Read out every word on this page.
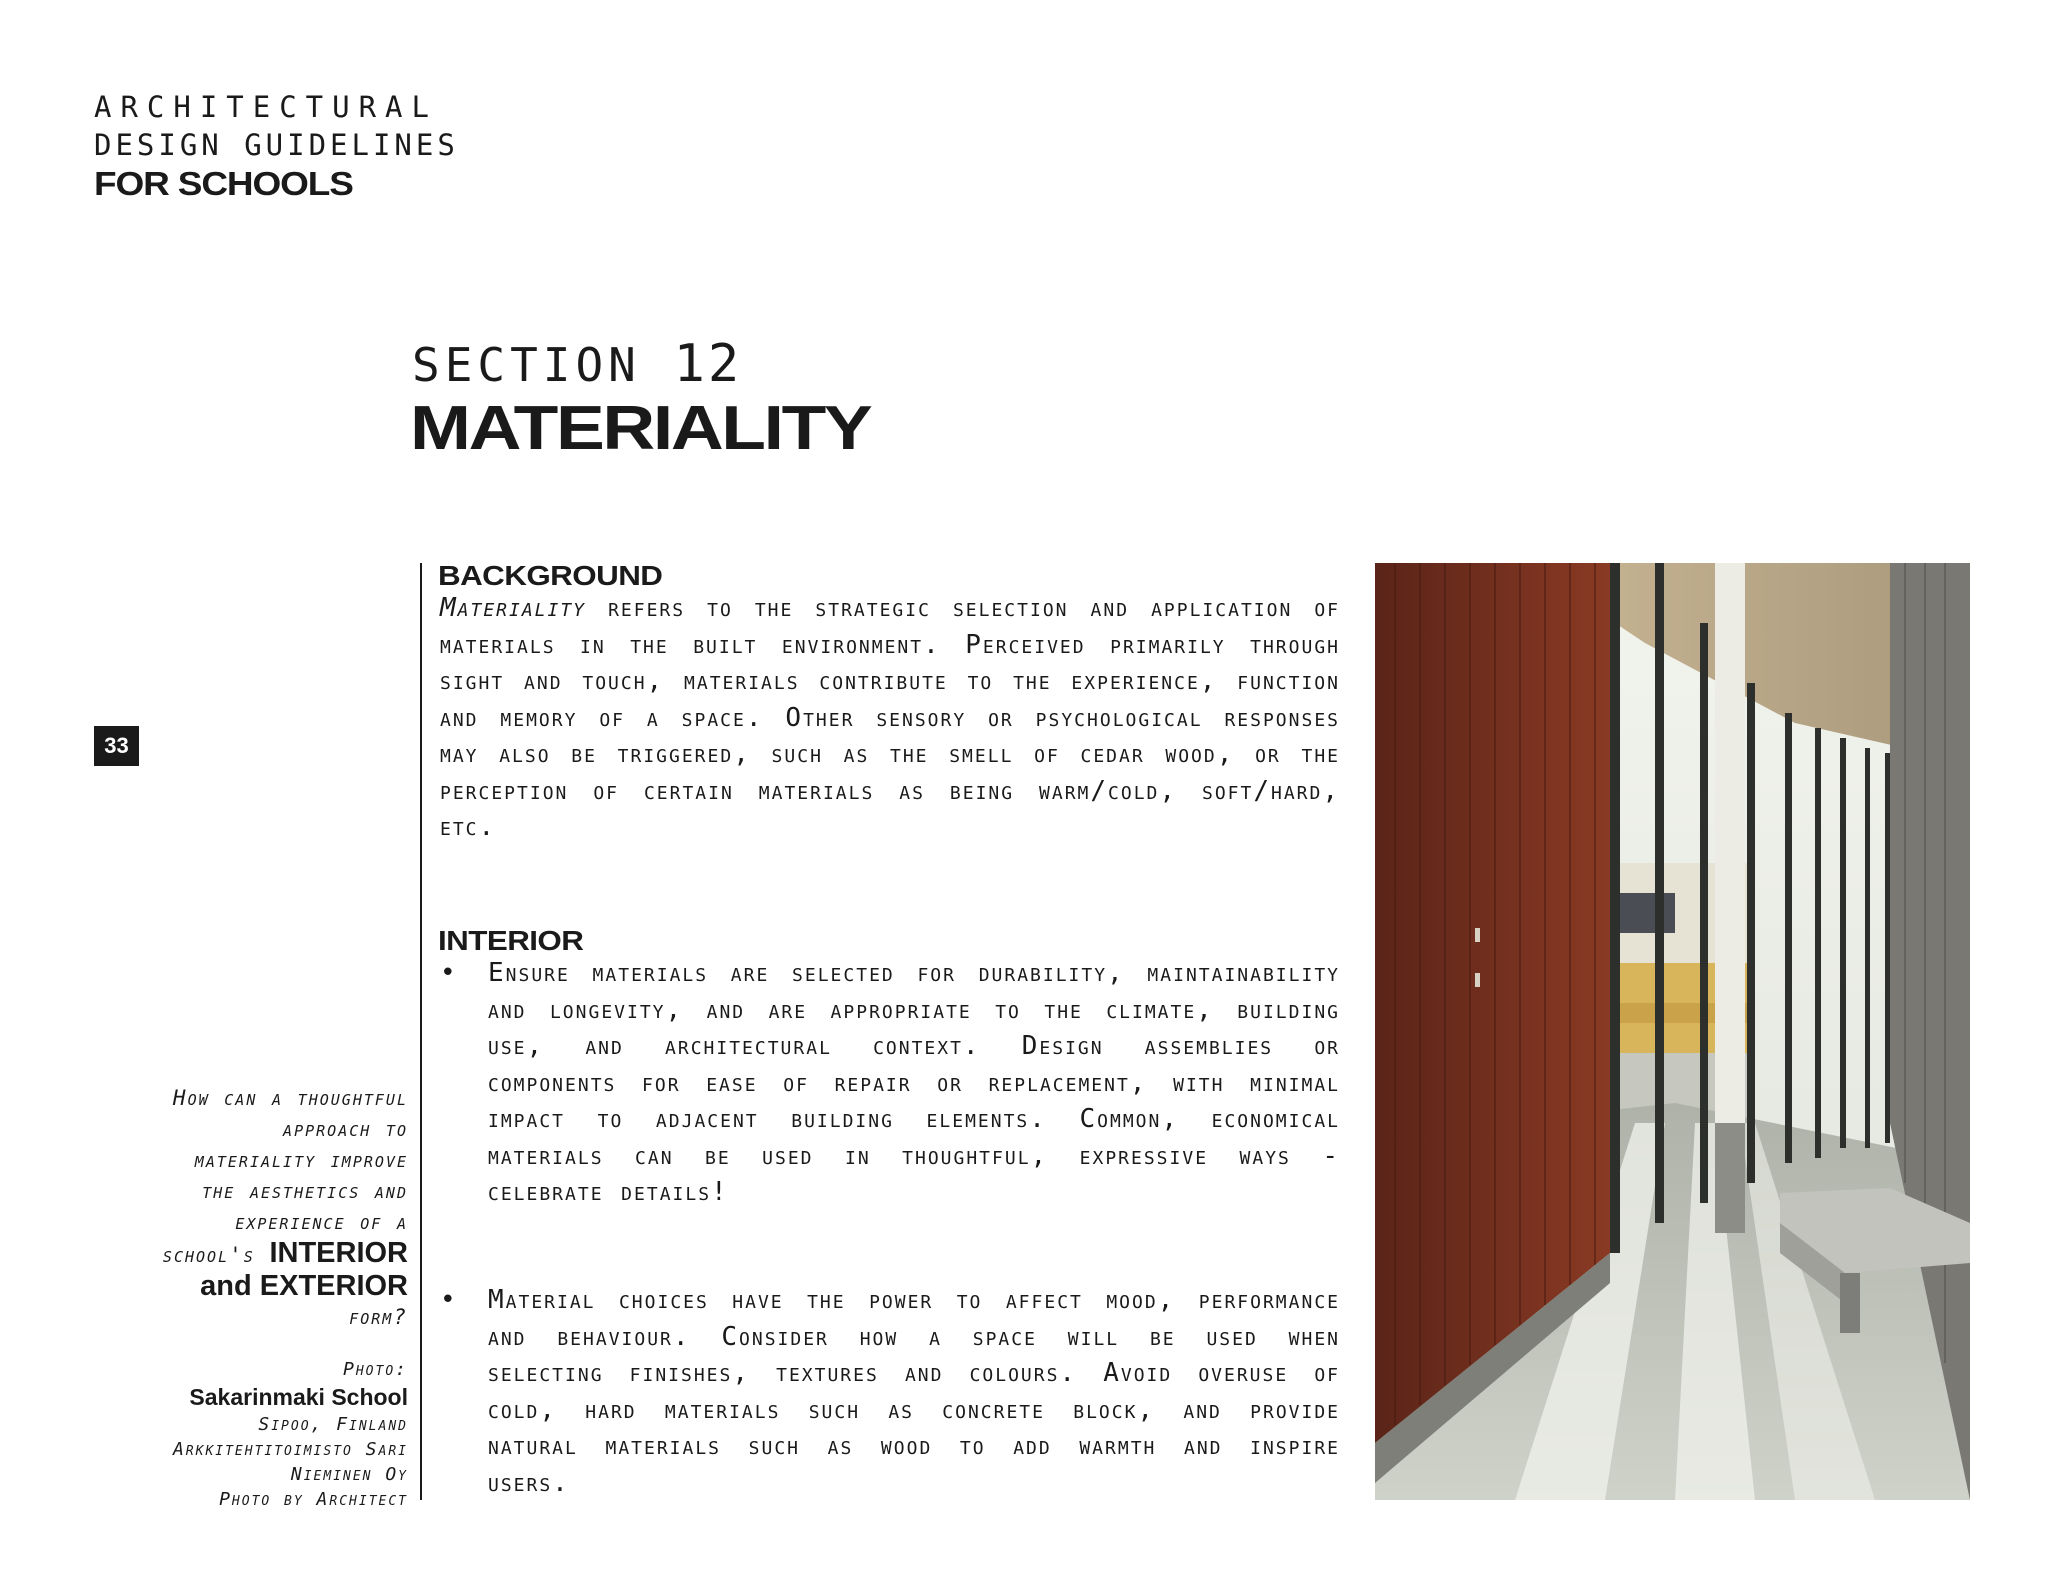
ARCHITECTURAL
DESIGN GUIDELINES
FOR SCHOOLS
SECTION 12
MATERIALITY
33
How can a thoughtful
approach to
materiality improve
the aesthetics and
experience of a
school's INTERIOR
and EXTERIOR
form?
Photo:
Sakarinmaki School
Sipoo, Finland
Arkkitehtitoimisto Sari
Nieminen Oy
Photo by Architect
BACKGROUND
Materiality refers to the strategic selection and application of materials in the built environment. Perceived primarily through sight and touch, materials contribute to the experience, function and memory of a space. Other sensory or psychological responses may also be triggered, such as the smell of cedar wood, or the perception of certain materials as being warm/cold, soft/hard, etc.
INTERIOR
• Ensure materials are selected for durability, maintainability and longevity, and are appropriate to the climate, building use, and architectural context. Design assemblies or components for ease of repair or replacement, with minimal impact to adjacent building elements. Common, economical materials can be used in thoughtful, expressive ways - celebrate details!
• Material choices have the power to affect mood, performance and behaviour. Consider how a space will be used when selecting finishes, textures and colours. Avoid overuse of cold, hard materials such as concrete block, and provide natural materials such as wood to add warmth and inspire users.
